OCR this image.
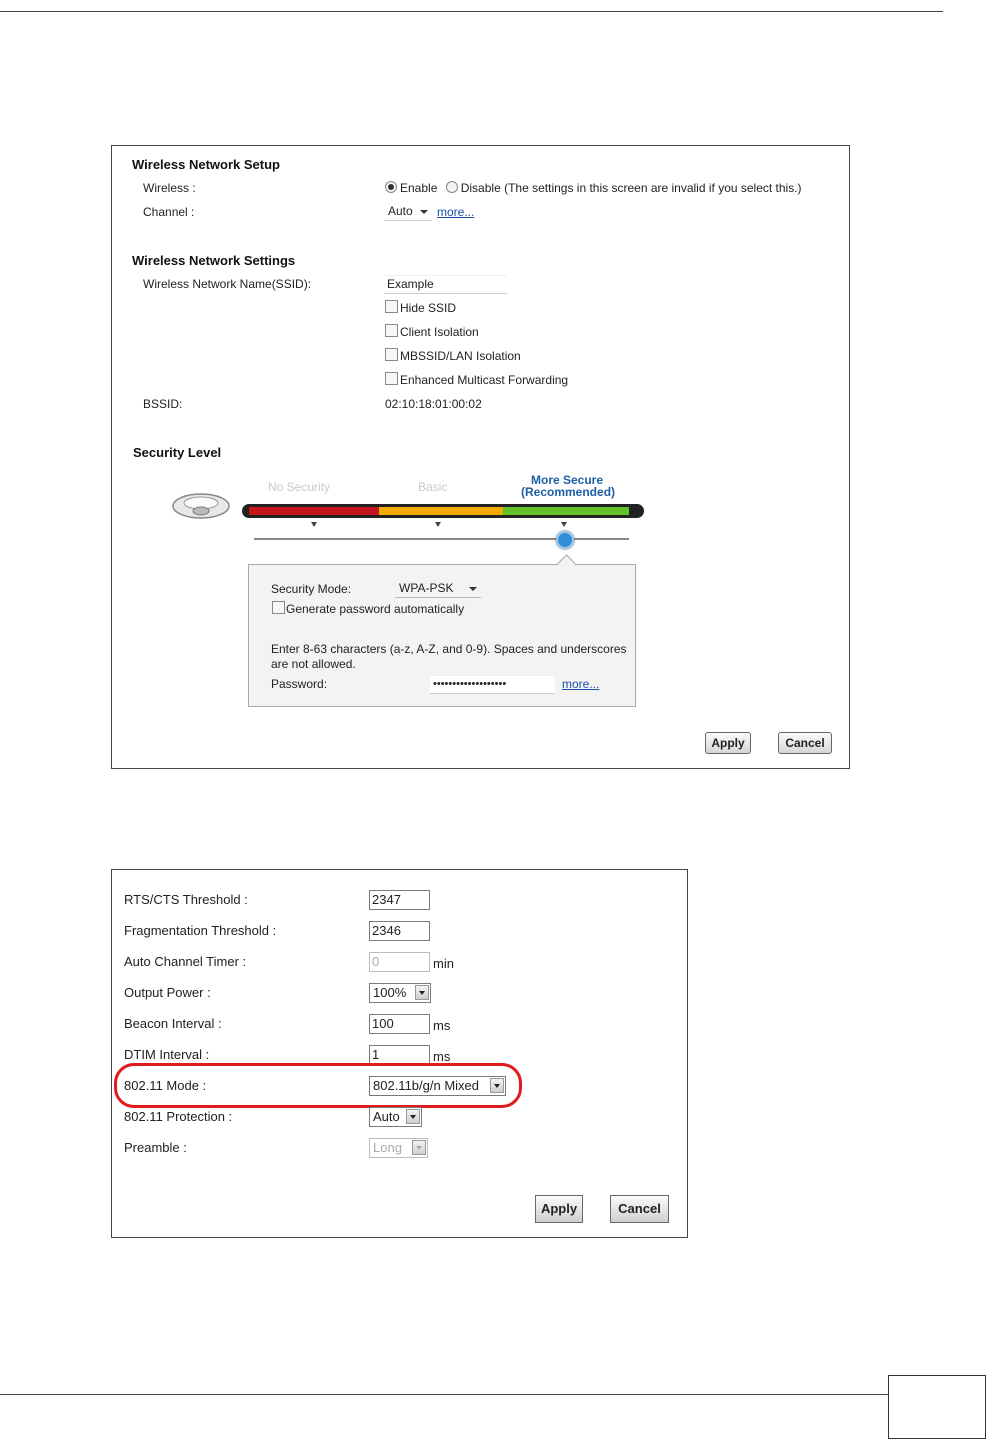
Wireless Network Setup
Wireless :	Enable Disable (The settings in this screen are invalid if you select this.)
Channel :	Auto more...
Wireless Network Settings
Wireless Network Name(SSID):	Example
Hide SSID
Client Isolation
MBSSID/LAN Isolation
Enhanced Multicast Forwarding
BSSID:	02:10:18:01:00:02
Security Level
No Security	Basic	More Secure
(Recommended)
Security Mode:	WPA-PSK
Generate password automatically
Enter 8-63 characters (a-z, A-Z, and 0-9). Spaces and underscores
are not allowed.
Password:	•••••••••••••••••••	more...
Apply	Cancel
RTS/CTS Threshold :	2347
Fragmentation Threshold :	2346
Auto Channel Timer :	0	min
Output Power :	100%
Beacon Interval :	100	ms
DTIM Interval :	1	ms
802.11 Mode :	802.11b/g/n Mixed
802.11 Protection :	Auto
Preamble :	Long
Apply	Cancel
